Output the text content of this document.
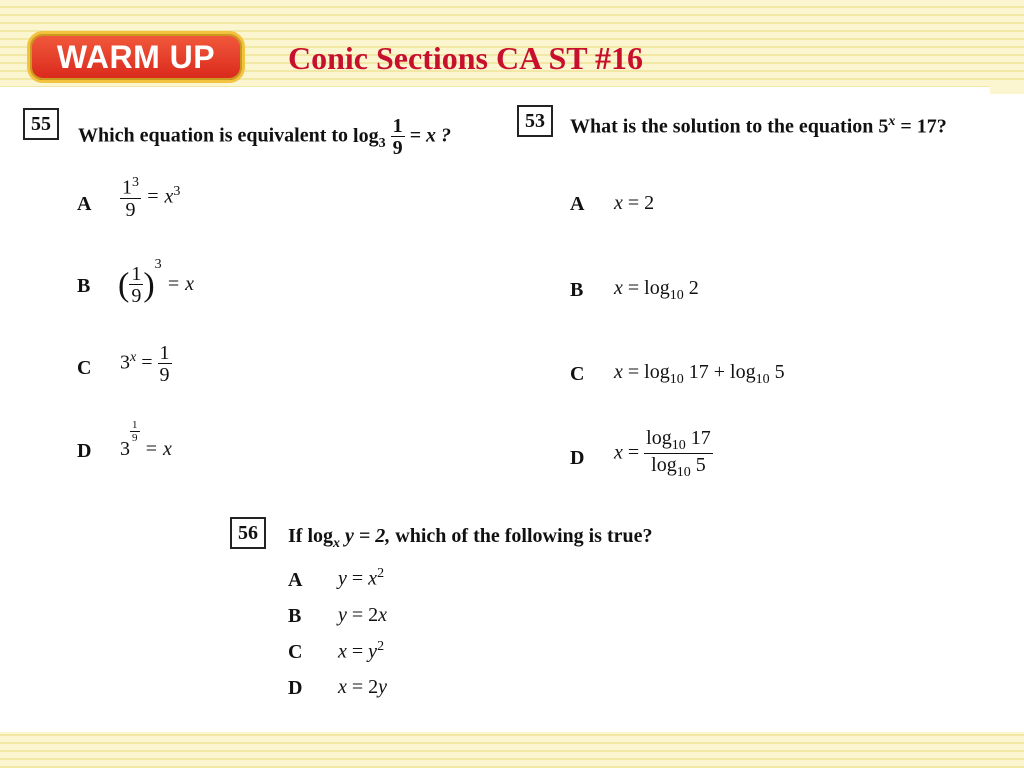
WARM UP Conic Sections CA ST #16
55
Which equation is equivalent to $\log_3 \frac{1}{9} = x$ ?
A $\frac{1^3}{9} = x^3$
B ( $\frac{1}{9} )^3 = x$
C $3^x = \frac{1}{9}$
D 3
$\frac{1}{9}$
= x
53	What is the solution to the equation $5^x = 17$?
A x = 2
B $x = \log_{10} 2$
C $x = \log_{10} 17 + \log_{10} 5$
D $x = \frac{\log_{10} 17}{\log_{10} 5}$
56	If $\log_x y = 2$, which of the following is true?
A $y = x^2$
B y = 2x
C $x = y^2$
D x = 2y
